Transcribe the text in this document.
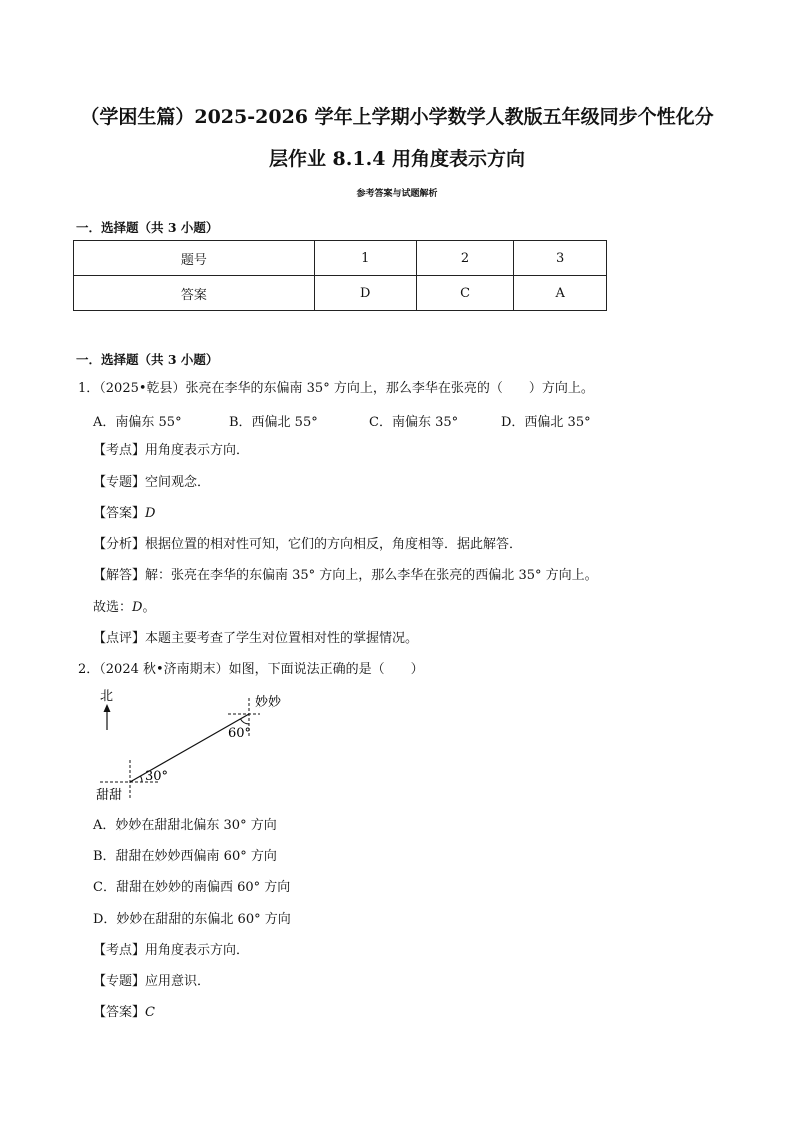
（学困生篇）2025-2026 学年上学期小学数学人教版五年级同步个性化分
层作业 8.1.4 用角度表示方向
参考答案与试题解析
一．选择题（共 3 小题）
题号	1	2	3
答案	D	C	A
一．选择题（共 3 小题）
1．（2025•乾县）张亮在李华的东偏南 35° 方向上，那么李华在张亮的（　　）方向上。
A．南偏东 55°	B．西偏北 55°	C．南偏东 35°	D．西偏北 35°
【考点】用角度表示方向．
【专题】空间观念．
【答案】D
【分析】根据位置的相对性可知，它们的方向相反，角度相等．据此解答．
【解答】解：张亮在李华的东偏南 35° 方向上，那么李华在张亮的西偏北 35° 方向上。
故选：D。
【点评】本题主要考查了学生对位置相对性的掌握情况。
2．（2024 秋•济南期末）如图，下面说法正确的是（　　）
北	妙妙
60°
30°
甜甜
A．妙妙在甜甜北偏东 30° 方向
B．甜甜在妙妙西偏南 60° 方向
C．甜甜在妙妙的南偏西 60° 方向
D．妙妙在甜甜的东偏北 60° 方向
【考点】用角度表示方向．
【专题】应用意识．
【答案】C
